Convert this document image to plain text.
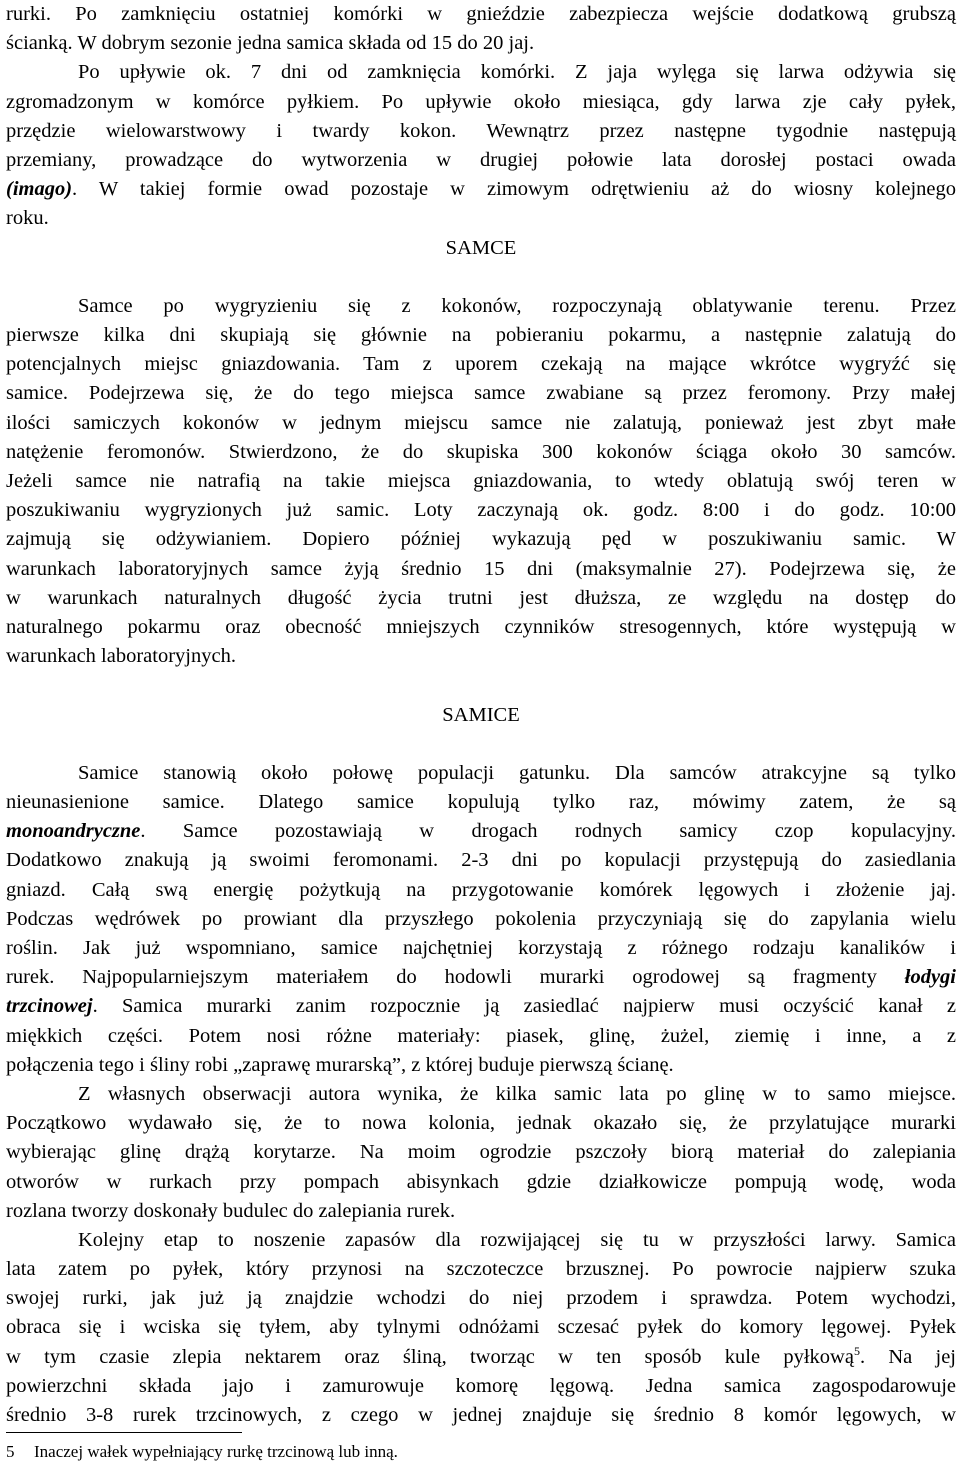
rurki. Po zamknięciu ostatniej komórki w gnieździe zabezpiecza wejście dodatkową grubszą
ścianką. W dobrym sezonie jedna samica składa od 15 do 20 jaj.
Po upływie ok. 7 dni od zamknięcia komórki. Z jaja wylęga się larwa odżywia się
zgromadzonym w komórce pyłkiem. Po upływie około miesiąca, gdy larwa zje cały pyłek,
przędzie wielowarstwowy i twardy kokon. Wewnątrz przez następne tygodnie następują
przemiany, prowadzące do wytworzenia w drugiej połowie lata dorosłej postaci owada
(imago). W takiej formie owad pozostaje w zimowym odrętwieniu aż do wiosny kolejnego
roku.
SAMCE
Samce po wygryzieniu się z kokonów, rozpoczynają oblatywanie terenu. Przez
pierwsze kilka dni skupiają się głównie na pobieraniu pokarmu, a następnie zalatują do
potencjalnych miejsc gniazdowania. Tam z uporem czekają na mające wkrótce wygryźć się
samice. Podejrzewa się, że do tego miejsca samce zwabiane są przez feromony. Przy małej
ilości samiczych kokonów w jednym miejscu samce nie zalatują, ponieważ jest zbyt małe
natężenie feromonów. Stwierdzono, że do skupiska 300 kokonów ściąga około 30 samców.
Jeżeli samce nie natrafią na takie miejsca gniazdowania, to wtedy oblatują swój teren w
poszukiwaniu wygryzionych już samic. Loty zaczynają ok. godz. 8:00 i do godz. 10:00
zajmują się odżywianiem. Dopiero później wykazują pęd w poszukiwaniu samic. W
warunkach laboratoryjnych samce żyją średnio 15 dni (maksymalnie 27). Podejrzewa się, że
w warunkach naturalnych długość życia trutni jest dłuższa, ze względu na dostęp do
naturalnego pokarmu oraz obecność mniejszych czynników stresogennych, które występują w
warunkach laboratoryjnych.
SAMICE
Samice stanowią około połowę populacji gatunku. Dla samców atrakcyjne są tylko
nieunasienione samice. Dlatego samice kopulują tylko raz, mówimy zatem, że są
monoandryczne. Samce pozostawiają w drogach rodnych samicy czop kopulacyjny.
Dodatkowo znakują ją swoimi feromonami. 2-3 dni po kopulacji przystępują do zasiedlania
gniazd. Całą swą energię pożytkują na przygotowanie komórek lęgowych i złożenie jaj.
Podczas wędrówek po prowiant dla przyszłego pokolenia przyczyniają się do zapylania wielu
roślin. Jak już wspomniano, samice najchętniej korzystają z różnego rodzaju kanalików i
rurek. Najpopularniejszym materiałem do hodowli murarki ogrodowej są fragmenty łodygi
trzcinowej. Samica murarki zanim rozpocznie ją zasiedlać najpierw musi oczyścić kanał z
miękkich części. Potem nosi różne materiały: piasek, glinę, żużel, ziemię i inne, a z
połączenia tego i śliny robi „zaprawę murarską”, z której buduje pierwszą ścianę.
Z własnych obserwacji autora wynika, że kilka samic lata po glinę w to samo miejsce.
Początkowo wydawało się, że to nowa kolonia, jednak okazało się, że przylatujące murarki
wybierając glinę drążą korytarze. Na moim ogrodzie pszczoły biorą materiał do zalepiania
otworów w rurkach przy pompach abisynkach gdzie działkowicze pompują wodę, woda
rozlana tworzy doskonały budulec do zalepiania rurek.
Kolejny etap to noszenie zapasów dla rozwijającej się tu w przyszłości larwy. Samica
lata zatem po pyłek, który przynosi na szczoteczce brzusznej. Po powrocie najpierw szuka
swojej rurki, jak już ją znajdzie wchodzi do niej przodem i sprawdza. Potem wychodzi,
obraca się i wciska się tyłem, aby tylnymi odnóżami sczesać pyłek do komory lęgowej. Pyłek
w tym czasie zlepia nektarem oraz śliną, tworząc w ten sposób kule pyłkową$^5$. Na jej
powierzchni składa jajo i zamurowuje komorę lęgową. Jedna samica zagospodarowuje
średnio 3-8 rurek trzcinowych, z czego w jednej znajduje się średnio 8 komór lęgowych, w
5 Inaczej wałek wypełniający rurkę trzcinową lub inną.
